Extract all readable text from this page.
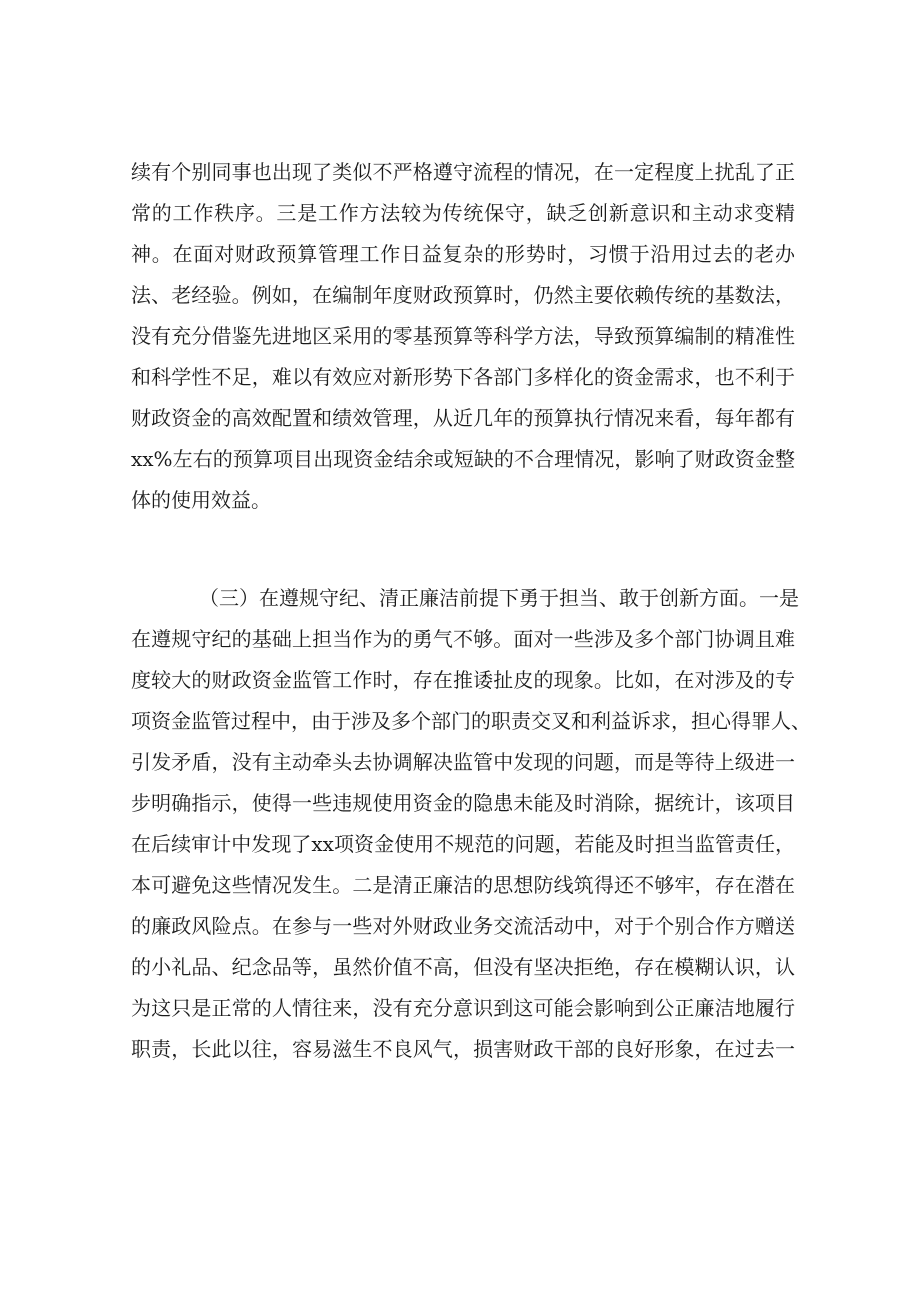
续有个别同事也出现了类似不严格遵守流程的情况，在一定程度上扰乱了正
常的工作秩序。三是工作方法较为传统保守，缺乏创新意识和主动求变精
神。在面对财政预算管理工作日益复杂的形势时，习惯于沿用过去的老办
法、老经验。例如，在编制年度财政预算时，仍然主要依赖传统的基数法，
没有充分借鉴先进地区采用的零基预算等科学方法，导致预算编制的精准性
和科学性不足，难以有效应对新形势下各部门多样化的资金需求，也不利于
财政资金的高效配置和绩效管理，从近几年的预算执行情况来看，每年都有
xx%左右的预算项目出现资金结余或短缺的不合理情况，影响了财政资金整
体的使用效益。
（三）在遵规守纪、清正廉洁前提下勇于担当、敢于创新方面。一是
在遵规守纪的基础上担当作为的勇气不够。面对一些涉及多个部门协调且难
度较大的财政资金监管工作时，存在推诿扯皮的现象。比如，在对涉及的专
项资金监管过程中，由于涉及多个部门的职责交叉和利益诉求，担心得罪人、
引发矛盾，没有主动牵头去协调解决监管中发现的问题，而是等待上级进一
步明确指示，使得一些违规使用资金的隐患未能及时消除，据统计，该项目
在后续审计中发现了xx项资金使用不规范的问题，若能及时担当监管责任，
本可避免这些情况发生。二是清正廉洁的思想防线筑得还不够牢，存在潜在
的廉政风险点。在参与一些对外财政业务交流活动中，对于个别合作方赠送
的小礼品、纪念品等，虽然价值不高，但没有坚决拒绝，存在模糊认识，认
为这只是正常的人情往来，没有充分意识到这可能会影响到公正廉洁地履行
职责，长此以往，容易滋生不良风气，损害财政干部的良好形象，在过去一
